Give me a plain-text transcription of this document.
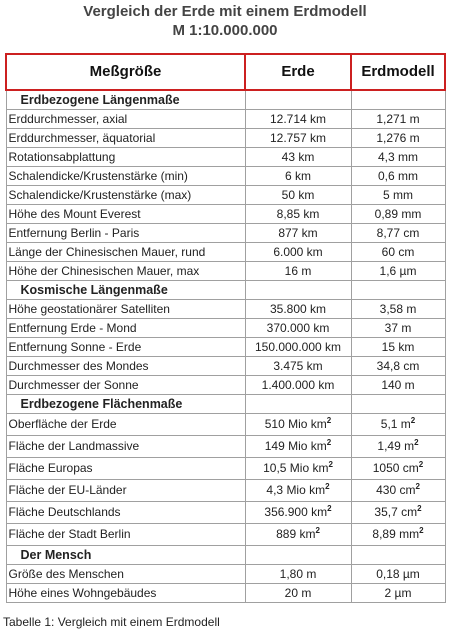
Vergleich der Erde mit einem Erdmodell
M 1:10.000.000
Meßgröße	Erde	Erdmodell
Erdbezogene Längenmaße		
Erddurchmesser, axial	12.714 km	1,271 m
Erddurchmesser, äquatorial	12.757 km	1,276 m
Rotationsabplattung	43 km	4,3 mm
Schalendicke/Krustenstärke (min)	6 km	0,6 mm
Schalendicke/Krustenstärke (max)	50 km	5 mm
Höhe des Mount Everest	8,85 km	0,89 mm
Entfernung Berlin - Paris	877 km	8,77 cm
Länge der Chinesischen Mauer, rund	6.000 km	60 cm
Höhe der Chinesischen Mauer, max	16 m	1,6 µm
Kosmische Längenmaße		
Höhe geostationärer Satelliten	35.800 km	3,58 m
Entfernung Erde - Mond	370.000 km	37 m
Entfernung Sonne - Erde	150.000.000 km	15 km
Durchmesser des Mondes	3.475 km	34,8 cm
Durchmesser der Sonne	1.400.000 km	140 m
Erdbezogene Flächenmaße		
Oberfläche der Erde	510 Mio $km^2$	5,1 $m^2$
Fläche der Landmassive	149 Mio $km^2$	1,49 $m^2$
Fläche Europas	10,5 Mio $km^2$	1050 $cm^2$
Fläche der EU-Länder	4,3 Mio $km^2$	430 $cm^2$
Fläche Deutschlands	356.900 $km^2$	35,7 $cm^2$
Fläche der Stadt Berlin	889 $km^2$	8,89 $mm^2$
Der Mensch		
Größe des Menschen	1,80 m	0,18 µm
Höhe eines Wohngebäudes	20 m	2 µm
Tabelle 1: Vergleich mit einem Erdmodell
